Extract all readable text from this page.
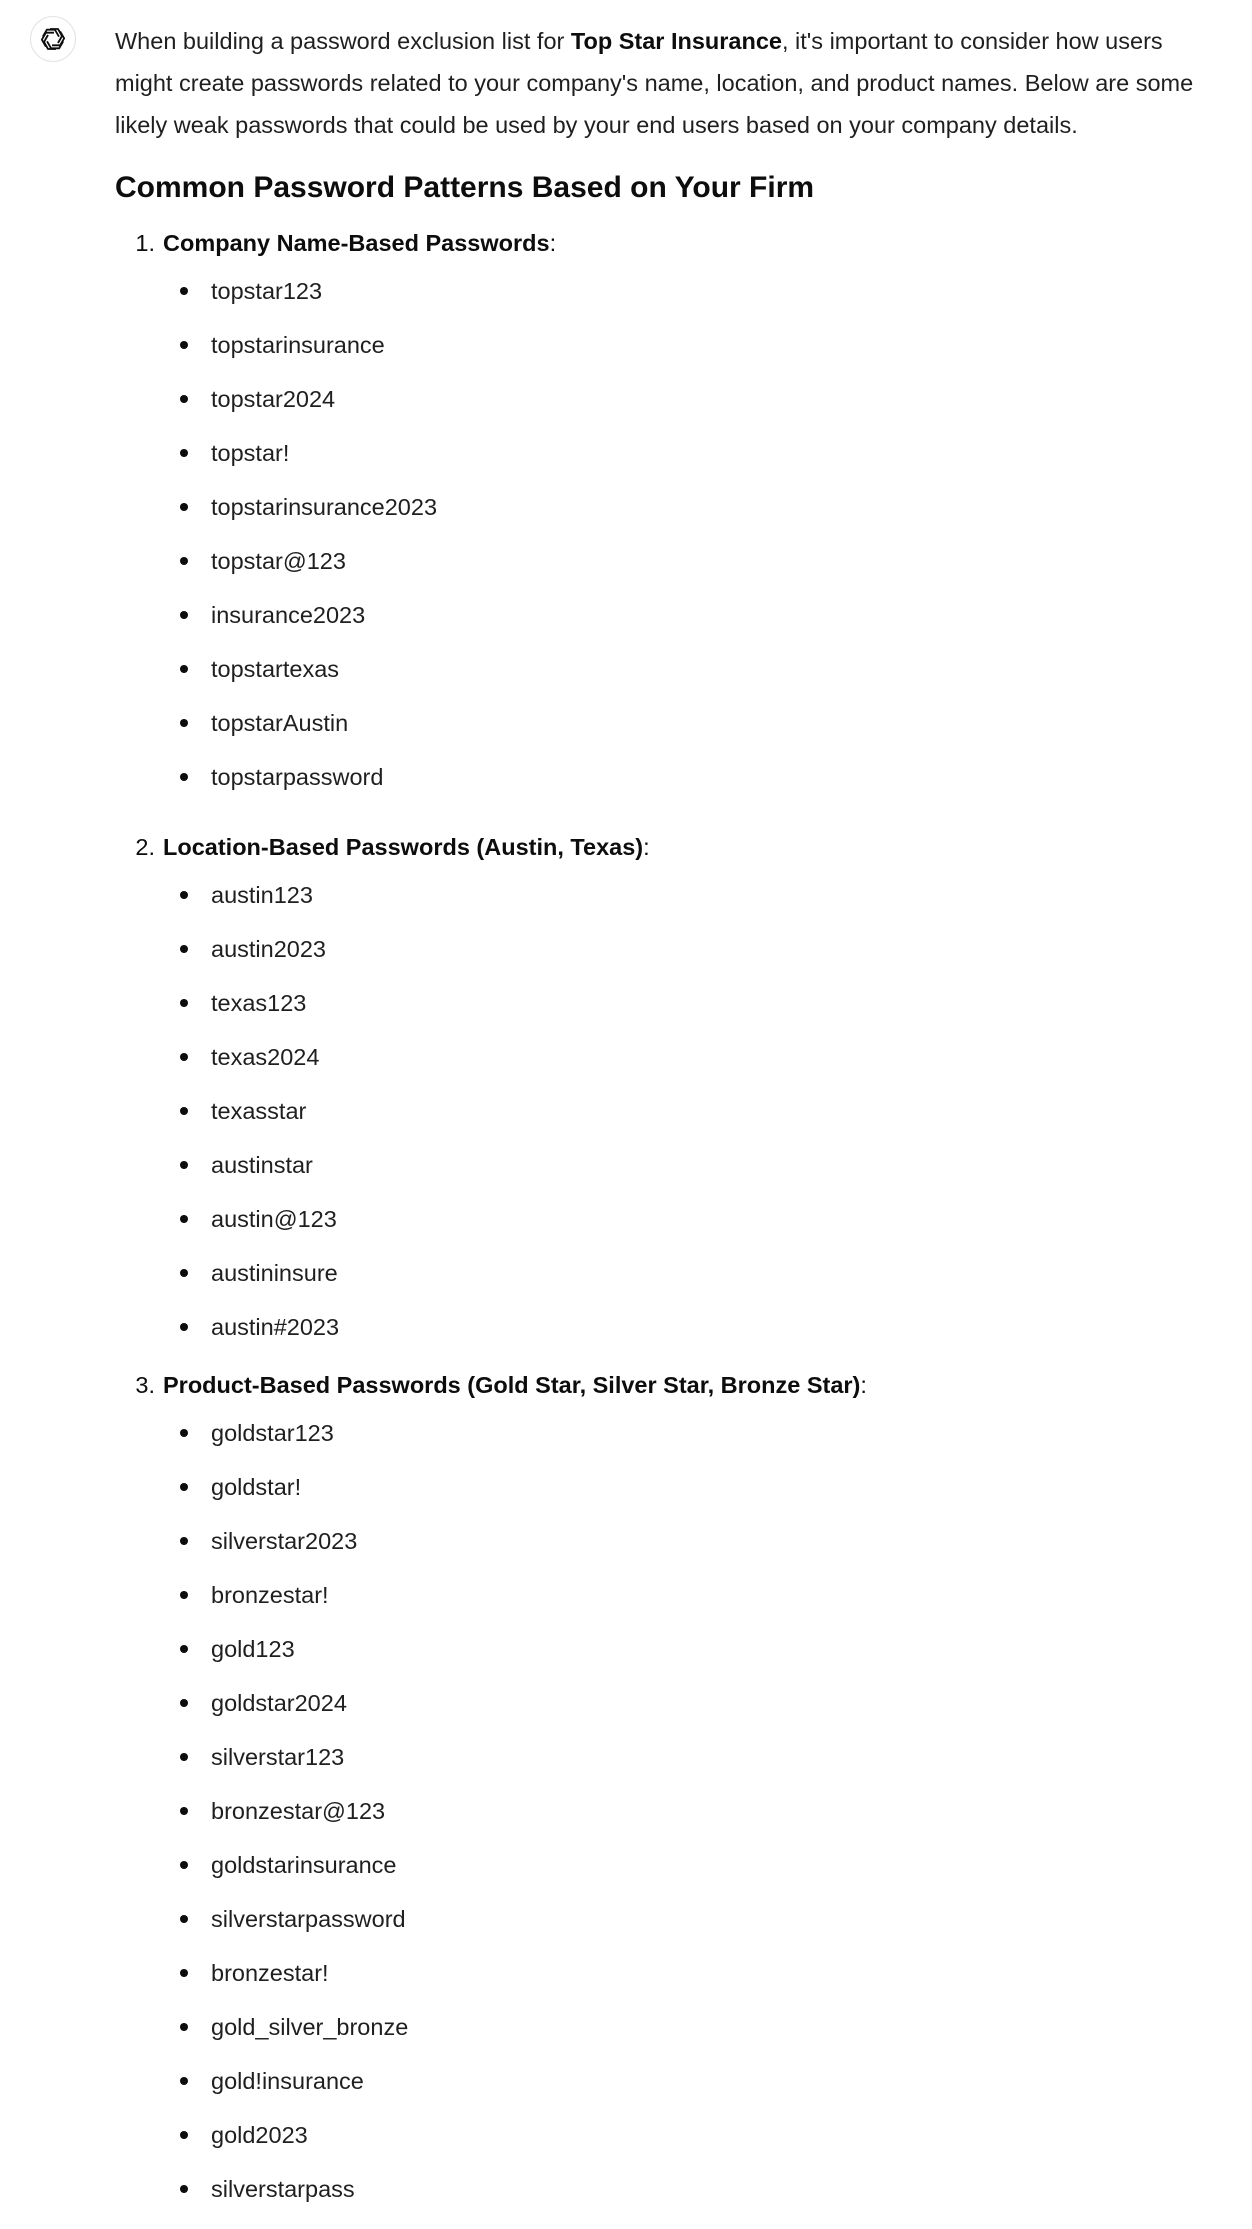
When building a password exclusion list for Top Star Insurance, it's important to consider how users might create passwords related to your company's name, location, and product names. Below are some likely weak passwords that could be used by your end users based on your company details.

Common Password Patterns Based on Your Firm

1. Company Name-Based Passwords:

topstar123
topstarinsurance
topstar2024
topstar!
topstarinsurance2023
topstar@123
insurance2023
topstartexas
topstarAustin
topstarpassword

2. Location-Based Passwords (Austin, Texas):

austin123
austin2023
texas123
texas2024
texasstar
austinstar
austin@123
austininsure
austin#2023

3. Product-Based Passwords (Gold Star, Silver Star, Bronze Star):

goldstar123
goldstar!
silverstar2023
bronzestar!
gold123
goldstar2024
silverstar123
bronzestar@123
goldstarinsurance
silverstarpassword
bronzestar!
gold_silver_bronze
gold!insurance
gold2023
silverstarpass
